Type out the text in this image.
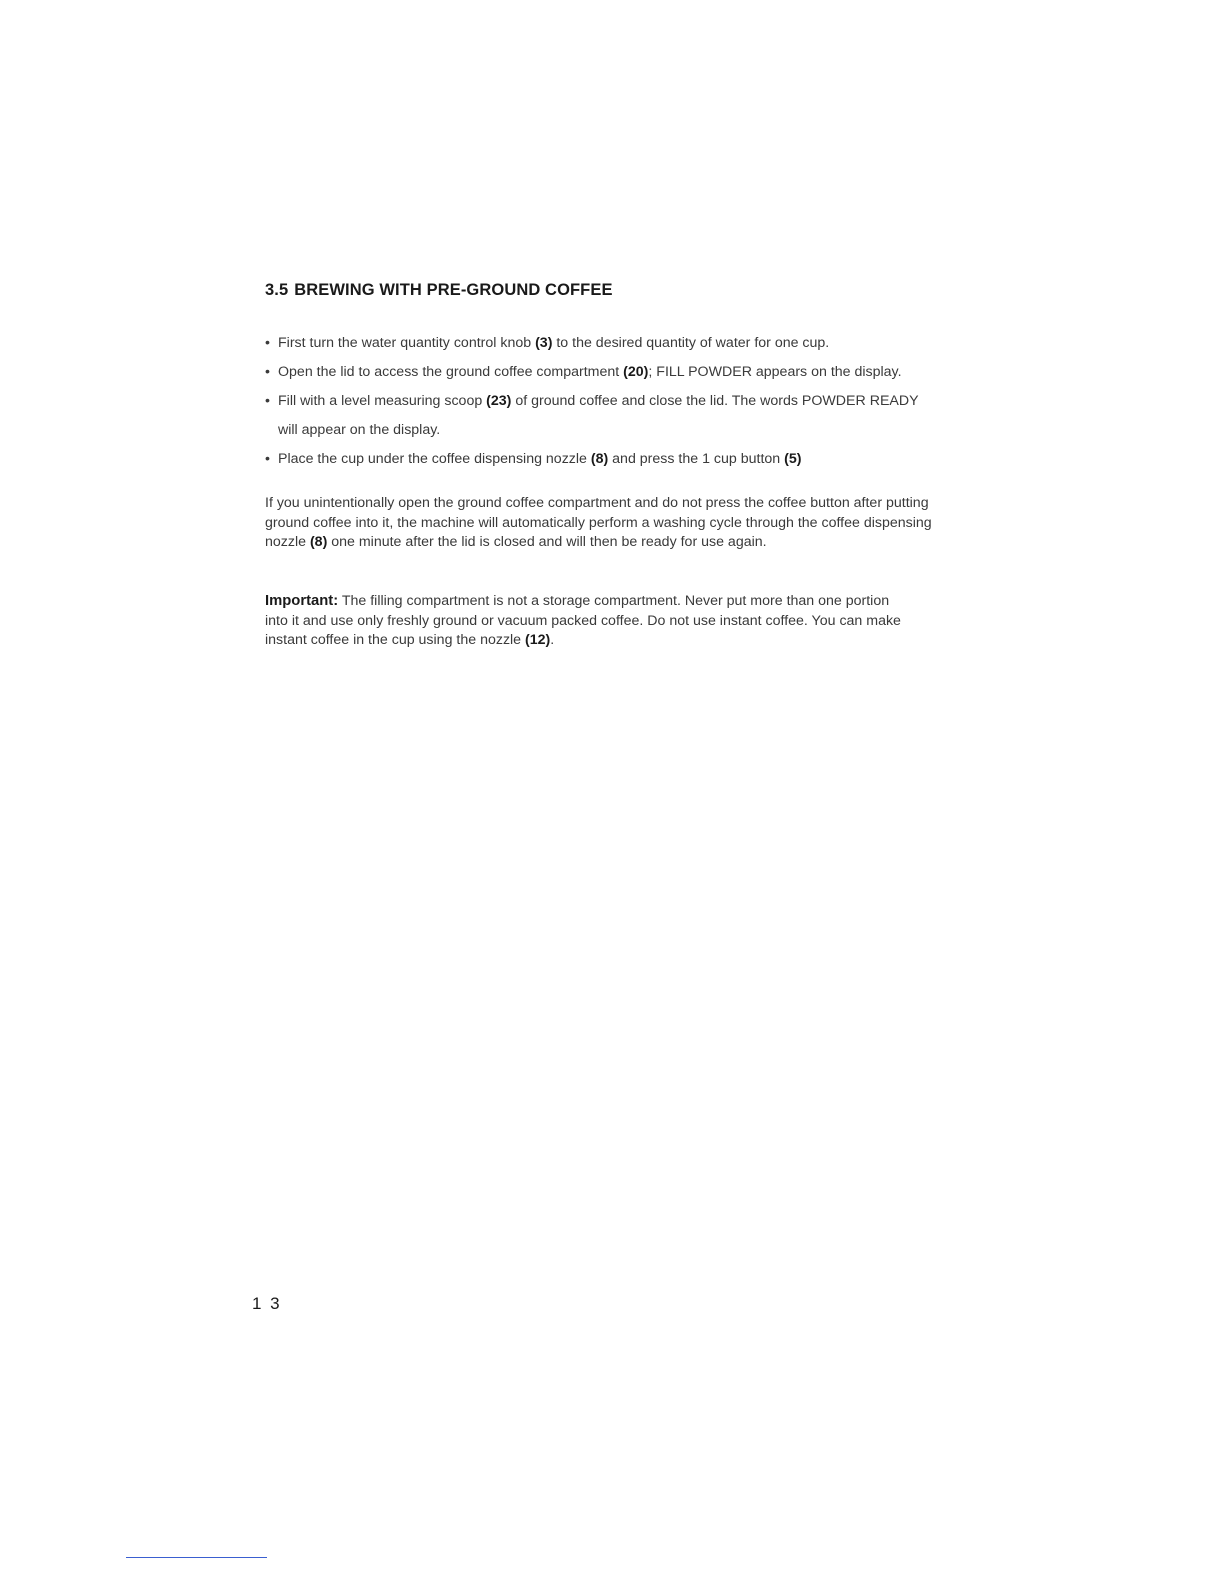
3.5 BREWING WITH PRE-GROUND COFFEE
• First turn the water quantity control knob (3) to the desired quantity of water for one cup.
• Open the lid to access the ground coffee compartment (20); FILL POWDER appears on the display.
• Fill with a level measuring scoop (23) of ground coffee and close the lid. The words POWDER READY
will appear on the display.
• Place the cup under the coffee dispensing nozzle (8) and press the 1 cup button (5)

If you unintentionally open the ground coffee compartment and do not press the coffee button after putting
ground coffee into it, the machine will automatically perform a washing cycle through the coffee dispensing
nozzle (8) one minute after the lid is closed and will then be ready for use again.

Important: The filling compartment is not a storage compartment. Never put more than one portion
into it and use only freshly ground or vacuum packed coffee. Do not use instant coffee. You can make
instant coffee in the cup using the nozzle (12).

1 3
